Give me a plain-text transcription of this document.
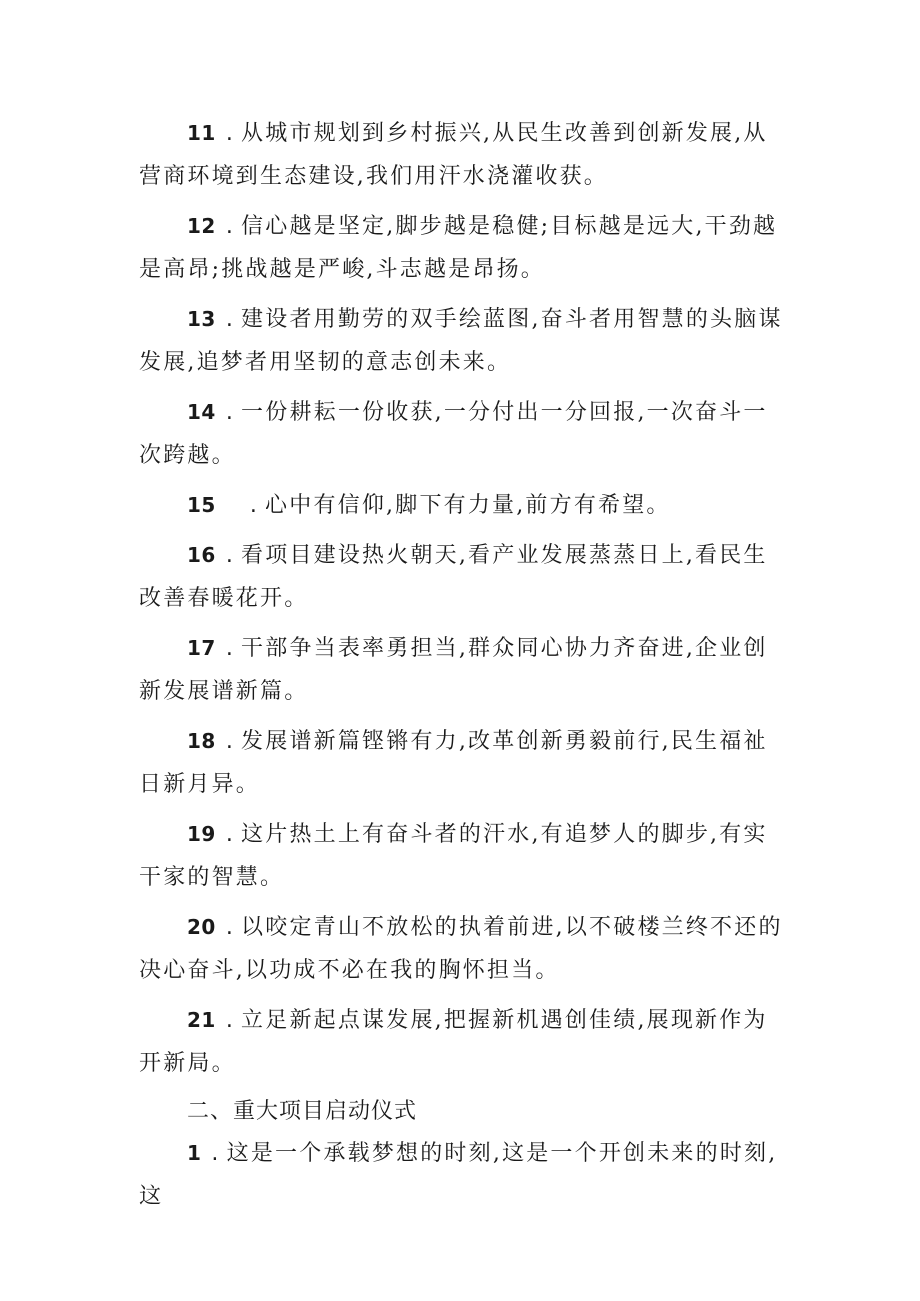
11 . 从城市规划到乡村振兴,从民生改善到创新发展,从营商环境到生态建设,我们用汗水浇灌收获。

12 . 信心越是坚定,脚步越是稳健;目标越是远大,干劲越是高昂;挑战越是严峻,斗志越是昂扬。

13 . 建设者用勤劳的双手绘蓝图,奋斗者用智慧的头脑谋发展,追梦者用坚韧的意志创未来。

14 . 一份耕耘一份收获,一分付出一分回报,一次奋斗一次跨越。

15 . 心中有信仰,脚下有力量,前方有希望。

16 . 看项目建设热火朝天,看产业发展蒸蒸日上,看民生改善春暖花开。

17 . 干部争当表率勇担当,群众同心协力齐奋进,企业创新发展谱新篇。

18 . 发展谱新篇铿锵有力,改革创新勇毅前行,民生福祉日新月异。

19 . 这片热土上有奋斗者的汗水,有追梦人的脚步,有实干家的智慧。

20 . 以咬定青山不放松的执着前进,以不破楼兰终不还的决心奋斗,以功成不必在我的胸怀担当。

21 . 立足新起点谋发展,把握新机遇创佳绩,展现新作为开新局。

二、重大项目启动仪式

1 . 这是一个承载梦想的时刻,这是一个开创未来的时刻,这
